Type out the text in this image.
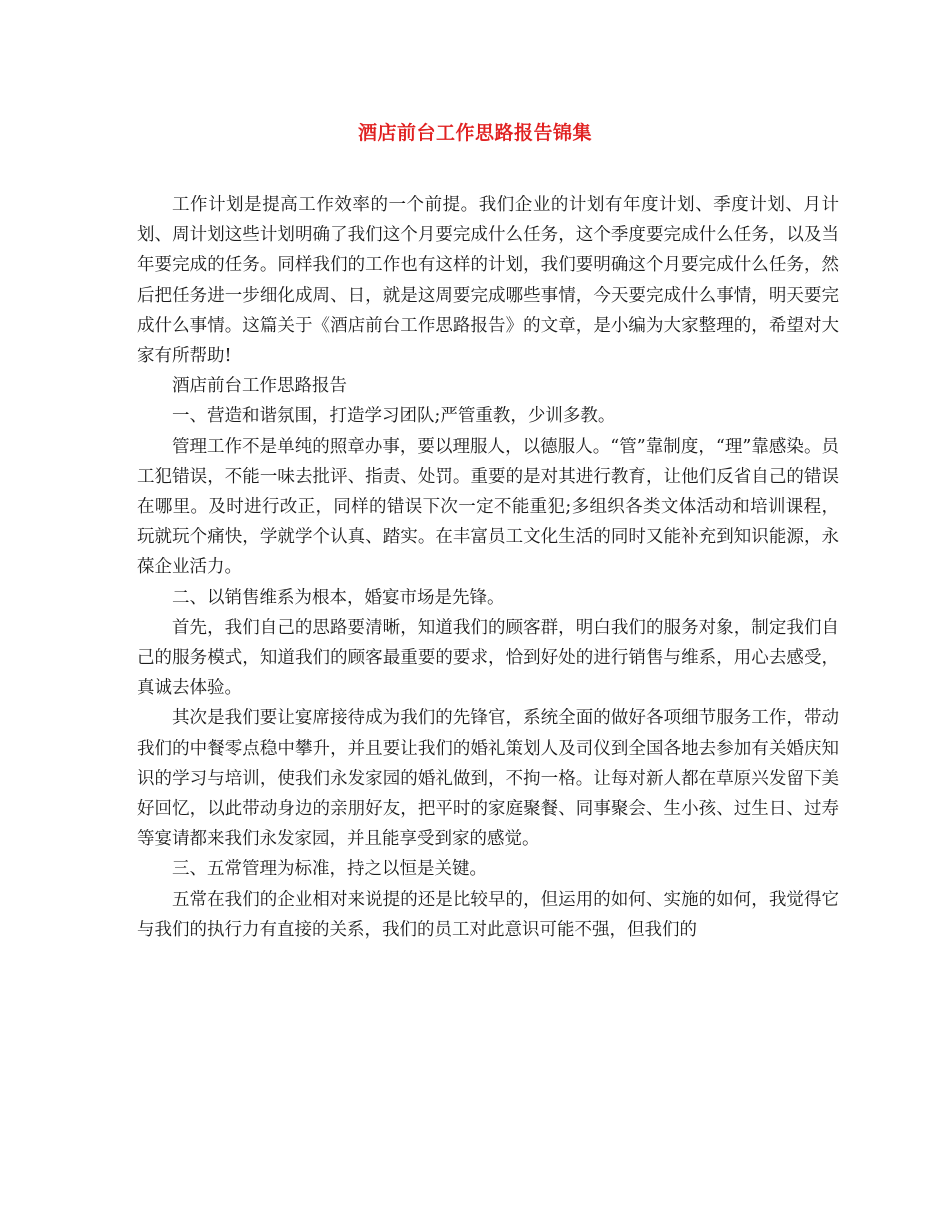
酒店前台工作思路报告锦集

工作计划是提高工作效率的一个前提。我们企业的计划有年度计划、季度计划、月计划、周计划这些计划明确了我们这个月要完成什么任务，这个季度要完成什么任务，以及当年要完成的任务。同样我们的工作也有这样的计划，我们要明确这个月要完成什么任务，然后把任务进一步细化成周、日，就是这周要完成哪些事情，今天要完成什么事情，明天要完成什么事情。这篇关于《酒店前台工作思路报告》的文章，是小编为大家整理的，希望对大家有所帮助!

酒店前台工作思路报告

一、营造和谐氛围，打造学习团队;严管重教，少训多教。

管理工作不是单纯的照章办事，要以理服人，以德服人。“管”靠制度，“理”靠感染。员工犯错误，不能一味去批评、指责、处罚。重要的是对其进行教育，让他们反省自己的错误在哪里。及时进行改正，同样的错误下次一定不能重犯;多组织各类文体活动和培训课程，玩就玩个痛快，学就学个认真、踏实。在丰富员工文化生活的同时又能补充到知识能源，永葆企业活力。

二、以销售维系为根本，婚宴市场是先锋。

首先，我们自己的思路要清晰，知道我们的顾客群，明白我们的服务对象，制定我们自己的服务模式，知道我们的顾客最重要的要求，恰到好处的进行销售与维系，用心去感受，真诚去体验。

其次是我们要让宴席接待成为我们的先锋官，系统全面的做好各项细节服务工作，带动我们的中餐零点稳中攀升，并且要让我们的婚礼策划人及司仪到全国各地去参加有关婚庆知识的学习与培训，使我们永发家园的婚礼做到，不拘一格。让每对新人都在草原兴发留下美好回忆，以此带动身边的亲朋好友，把平时的家庭聚餐、同事聚会、生小孩、过生日、过寿等宴请都来我们永发家园，并且能享受到家的感觉。

三、五常管理为标准，持之以恒是关键。

五常在我们的企业相对来说提的还是比较早的，但运用的如何、实施的如何，我觉得它与我们的执行力有直接的关系，我们的员工对此意识可能不强，但我们的
